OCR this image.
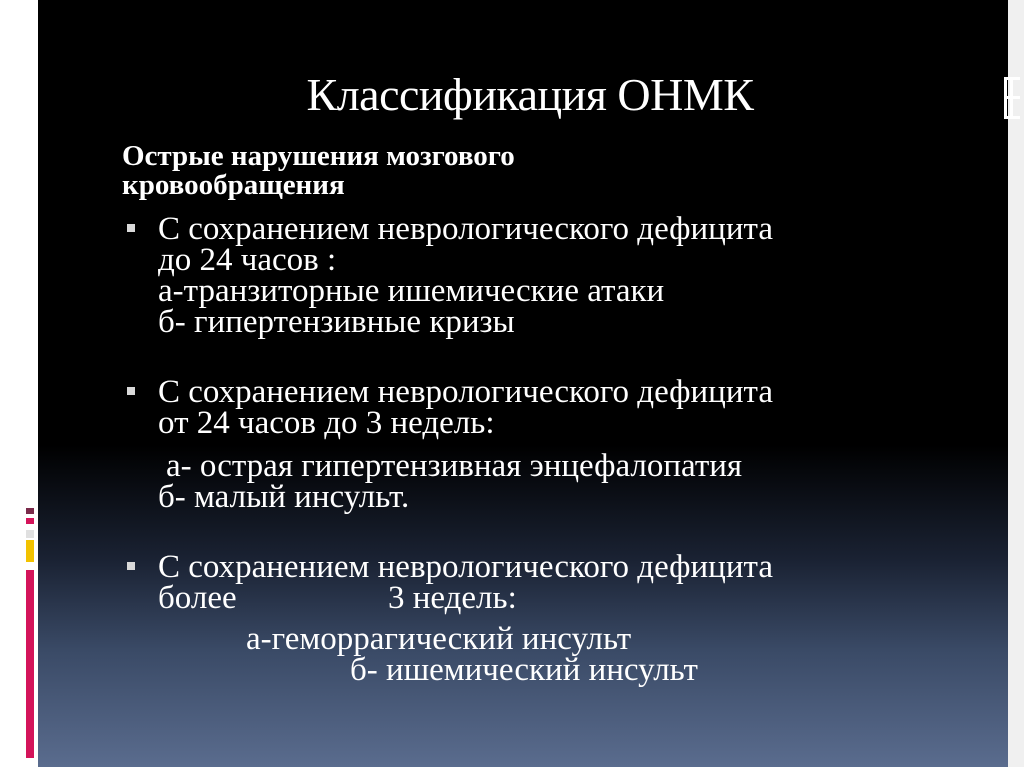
Классификация ОНМК
Острые нарушения мозгового кровообращения
С сохранением неврологического дефицита
до 24 часов :
а-транзиторные ишемические атаки
б- гипертензивные кризы
С сохранением неврологического дефицита
от 24 часов до 3 недель:
а- острая гипертензивная энцефалопатия
б- малый инсульт.
С сохранением неврологического дефицита
более	3 недель:
а-геморрагический инсульт
б- ишемический инсульт
